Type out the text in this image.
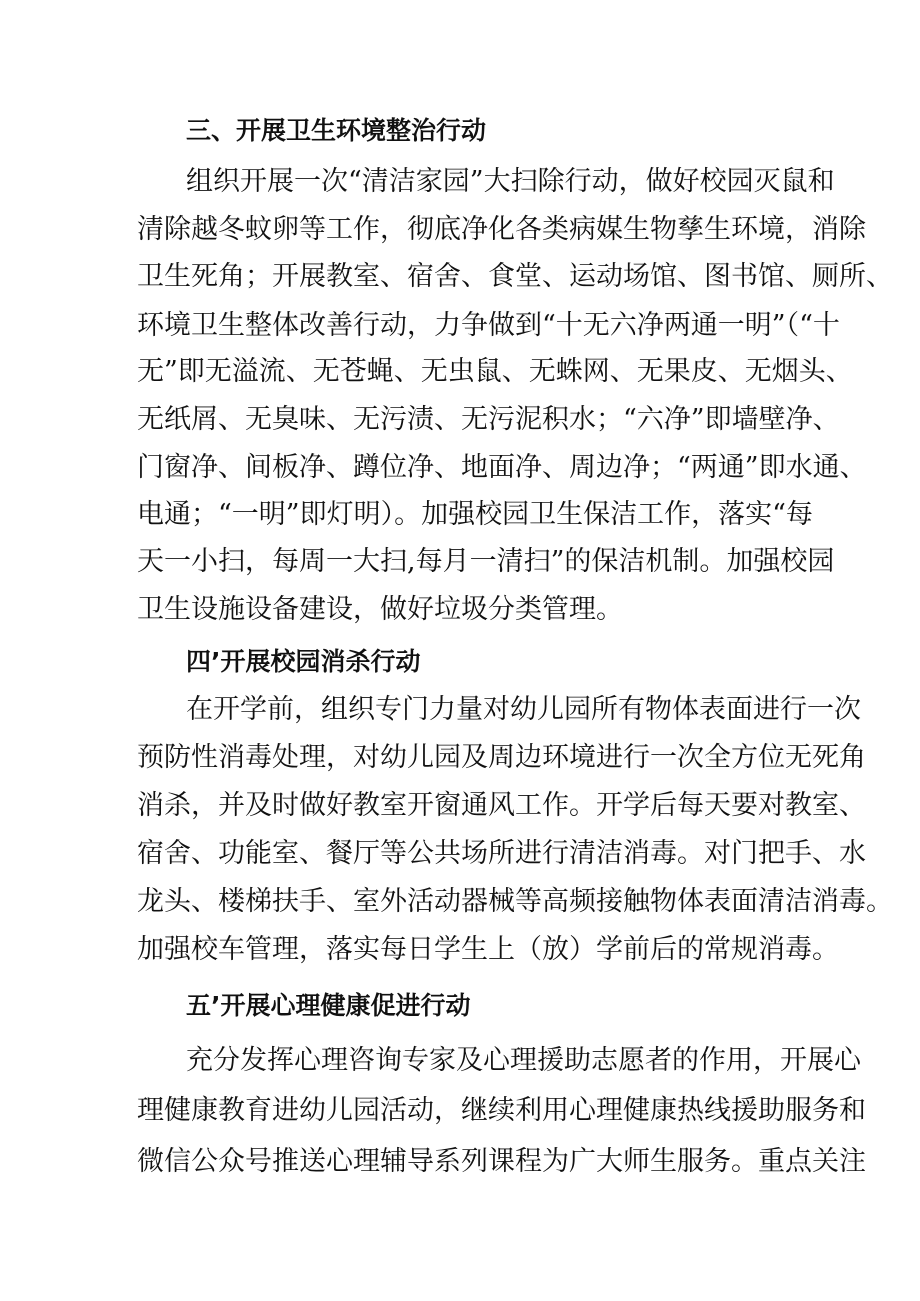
三、开展卫生环境整治行动
组织开展一次“清洁家园”大扫除行动，做好校园灭鼠和
清除越冬蚊卵等工作，彻底净化各类病媒生物孳生环境，消除
卫生死角；开展教室、宿舍、食堂、运动场馆、图书馆、厕所、
环境卫生整体改善行动，力争做到“十无六净两通一明”（“十
无”即无溢流、无苍蝇、无虫鼠、无蛛网、无果皮、无烟头、
无纸屑、无臭味、无污渍、无污泥积水；“六净”即墙壁净、
门窗净、间板净、蹲位净、地面净、周边净；“两通”即水通、
电通；“一明”即灯明）。加强校园卫生保洁工作，落实“每
天一小扫，每周一大扫,每月一清扫”的保洁机制。加强校园
卫生设施设备建设，做好垃圾分类管理。
四’开展校园消杀行动
在开学前，组织专门力量对幼儿园所有物体表面进行一次
预防性消毒处理，对幼儿园及周边环境进行一次全方位无死角
消杀，并及时做好教室开窗通风工作。开学后每天要对教室、
宿舍、功能室、餐厅等公共场所进行清洁消毒。对门把手、水
龙头、楼梯扶手、室外活动器械等高频接触物体表面清洁消毒。
加强校车管理，落实每日学生上（放）学前后的常规消毒。
五’开展心理健康促进行动
充分发挥心理咨询专家及心理援助志愿者的作用，开展心
理健康教育进幼儿园活动，继续利用心理健康热线援助服务和
微信公众号推送心理辅导系列课程为广大师生服务。重点关注
